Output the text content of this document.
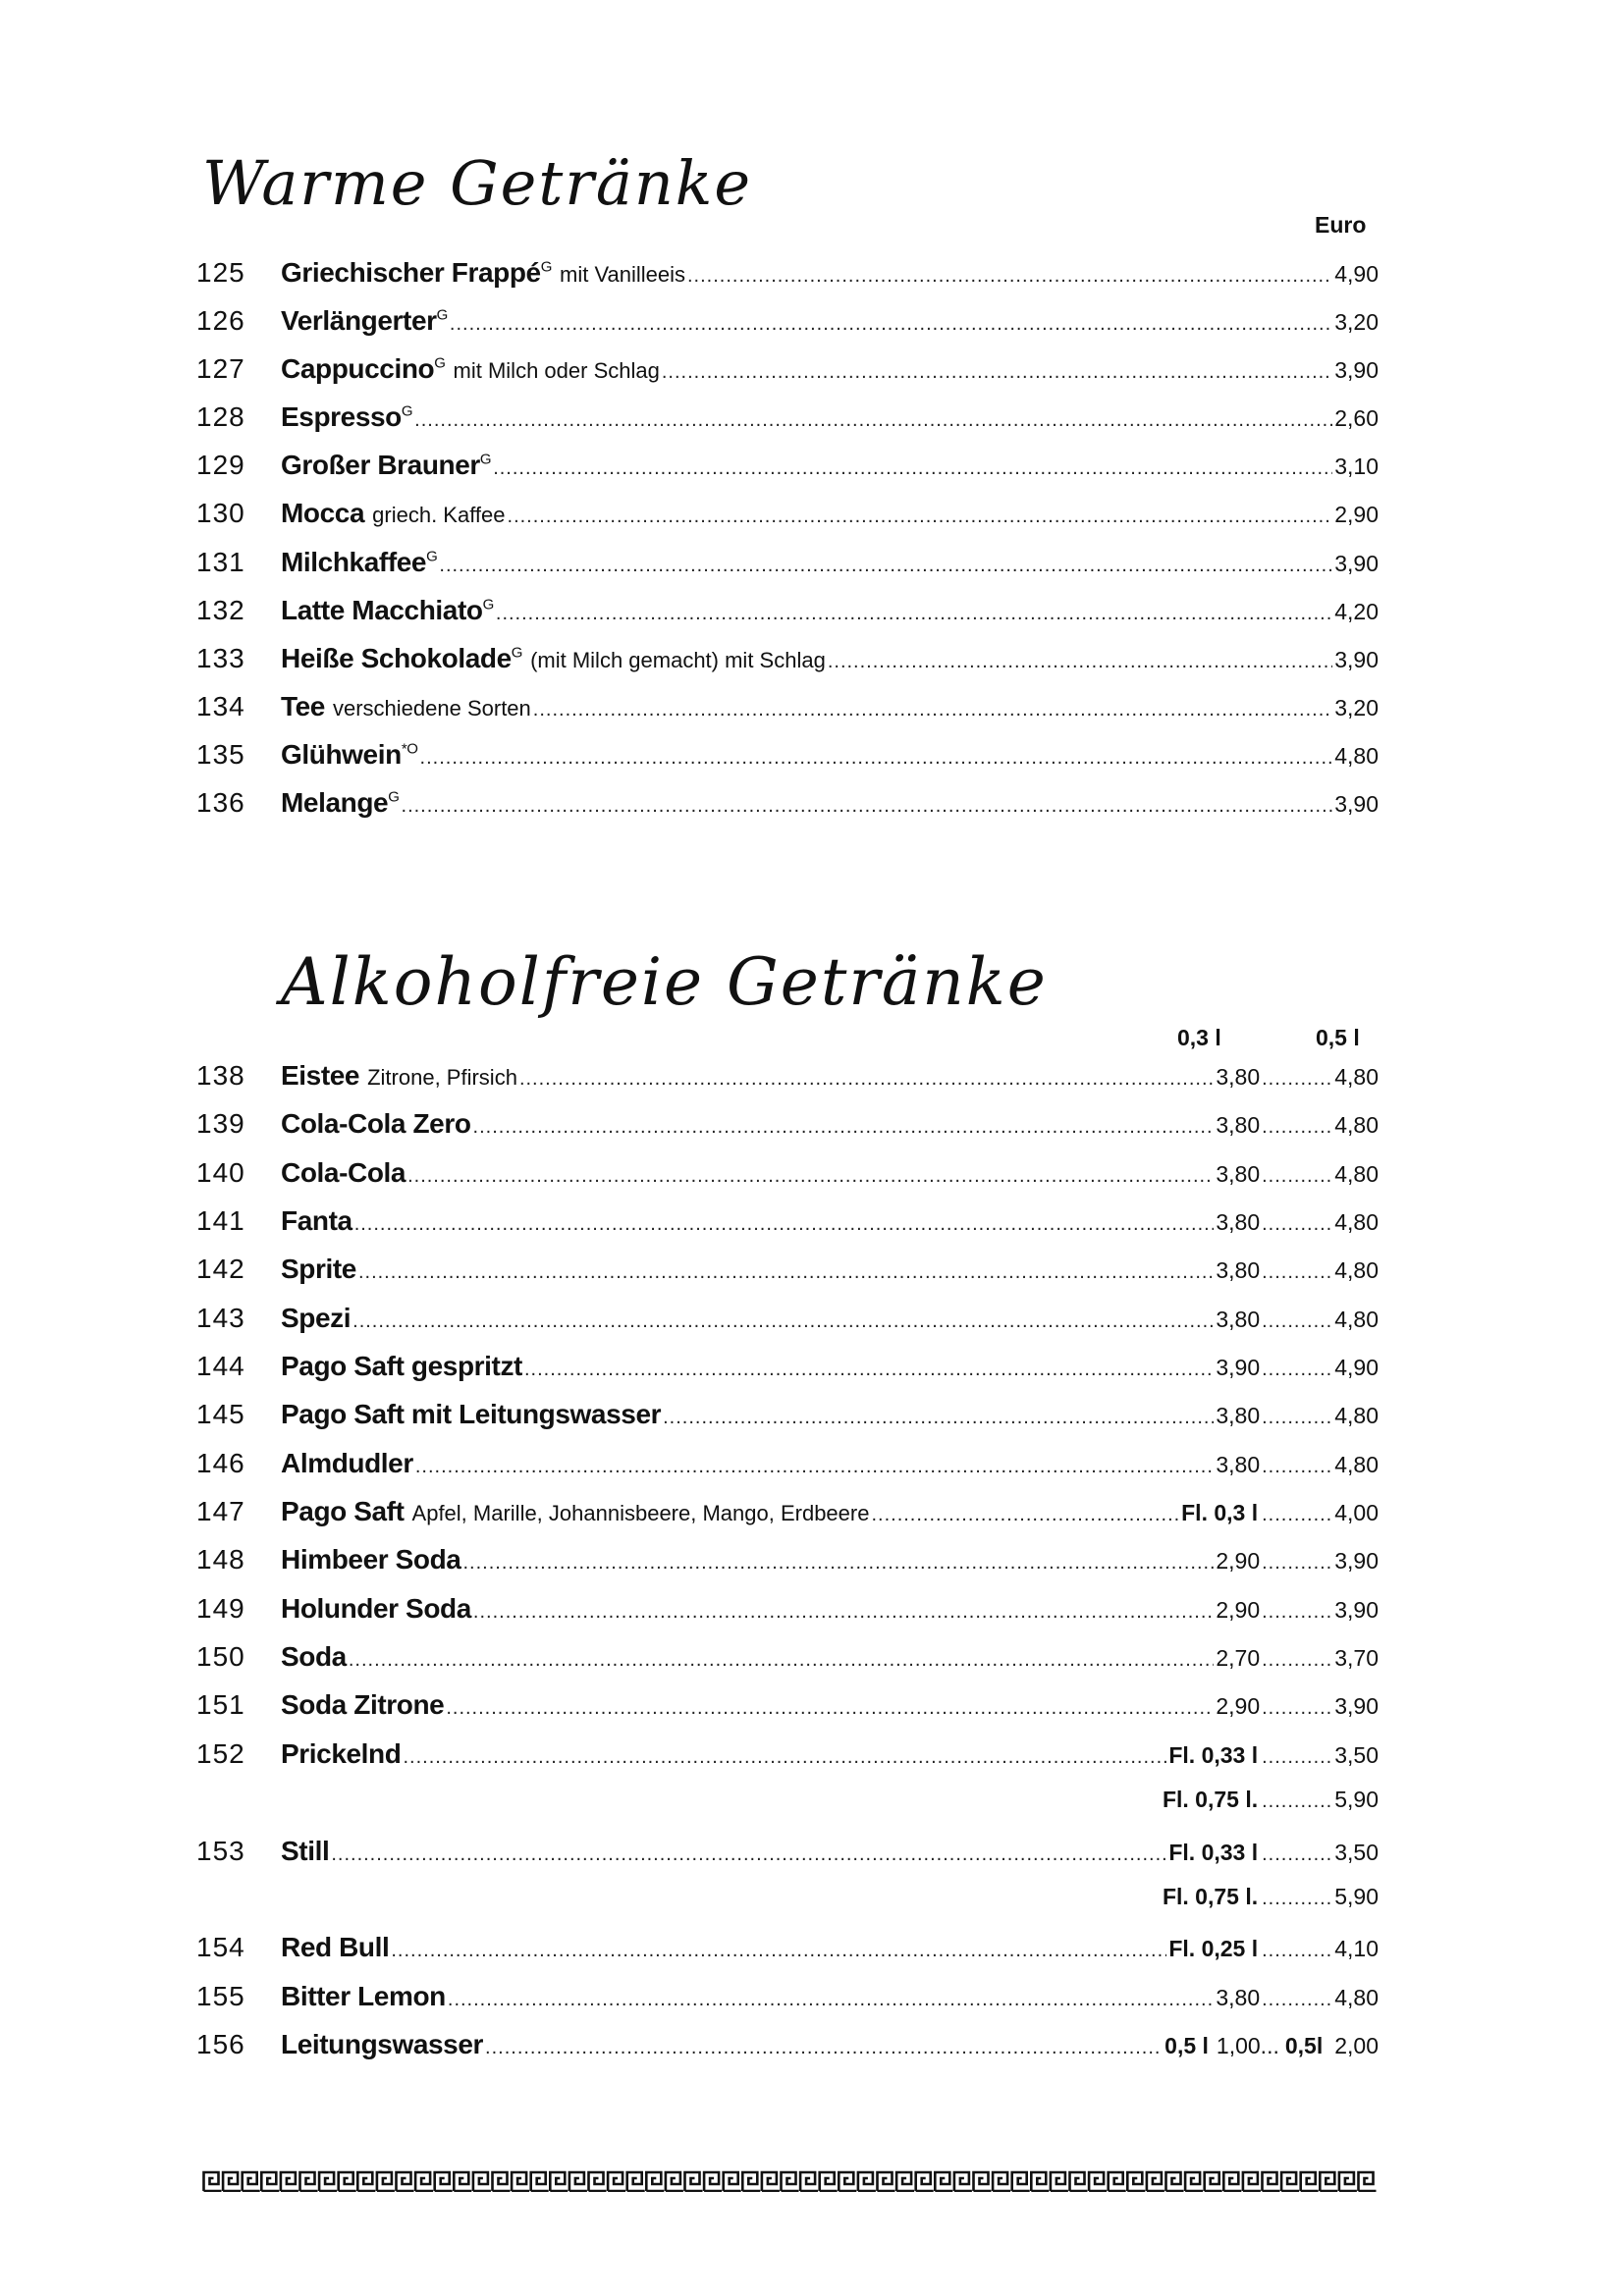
Warme Getränke
Euro
125	Griechischer Frappé$^G$ mit Vanilleeis .....	4,90
126	Verlängerter$^G$ .....	3,20
127	Cappuccino$^G$ mit Milch oder Schlag .....	3,90
128	Espresso$^G$ .....	2,60
129	Großer Brauner$^G$ .....	3,10
130	Mocca griech. Kaffee .....	2,90
131	Milchkaffee$^G$ .....	3,90
132	Latte Macchiato$^G$ .....	4,20
133	Heiße Schokolade$^G$ (mit Milch gemacht) mit Schlag .....	3,90
134	Tee verschiedene Sorten .....	3,20
135	Glühwein$^{*O}$ .....	4,80
136	Melange$^G$ .....	3,90
Alkoholfreie Getränke
0,3 l	0,5 l
138	Eistee Zitrone, Pfirsich .....	3,80 .....	4,80
139	Cola-Cola Zero .....	3,80 .....	4,80
140	Cola-Cola .....	3,80 .....	4,80
141	Fanta .....	3,80 .....	4,80
142	Sprite .....	3,80 .....	4,80
143	Spezi .....	3,80 .....	4,80
144	Pago Saft gespritzt .....	3,90 .....	4,90
145	Pago Saft mit Leitungswasser .....	3,80 .....	4,80
146	Almdudler .....	3,80 .....	4,80
147	Pago Saft Apfel, Marille, Johannisbeere, Mango, Erdbeere .....	Fl. 0,3 l .....	4,00
148	Himbeer Soda .....	2,90 .....	3,90
149	Holunder Soda .....	2,90 .....	3,90
150	Soda .....	2,70 .....	3,70
151	Soda Zitrone .....	2,90 .....	3,90
152	Prickelnd .....	Fl. 0,33 l .....	3,50
Fl. 0,75 l. .....	5,90
153	Still .....	Fl. 0,33 l .....	3,50
Fl. 0,75 l. .....	5,90
154	Red Bull .....	Fl. 0,25 l .....	4,10
155	Bitter Lemon .....	3,80 .....	4,80
156	Leitungswasser .....	0,5 l 1,00... 0,5l 2,00
